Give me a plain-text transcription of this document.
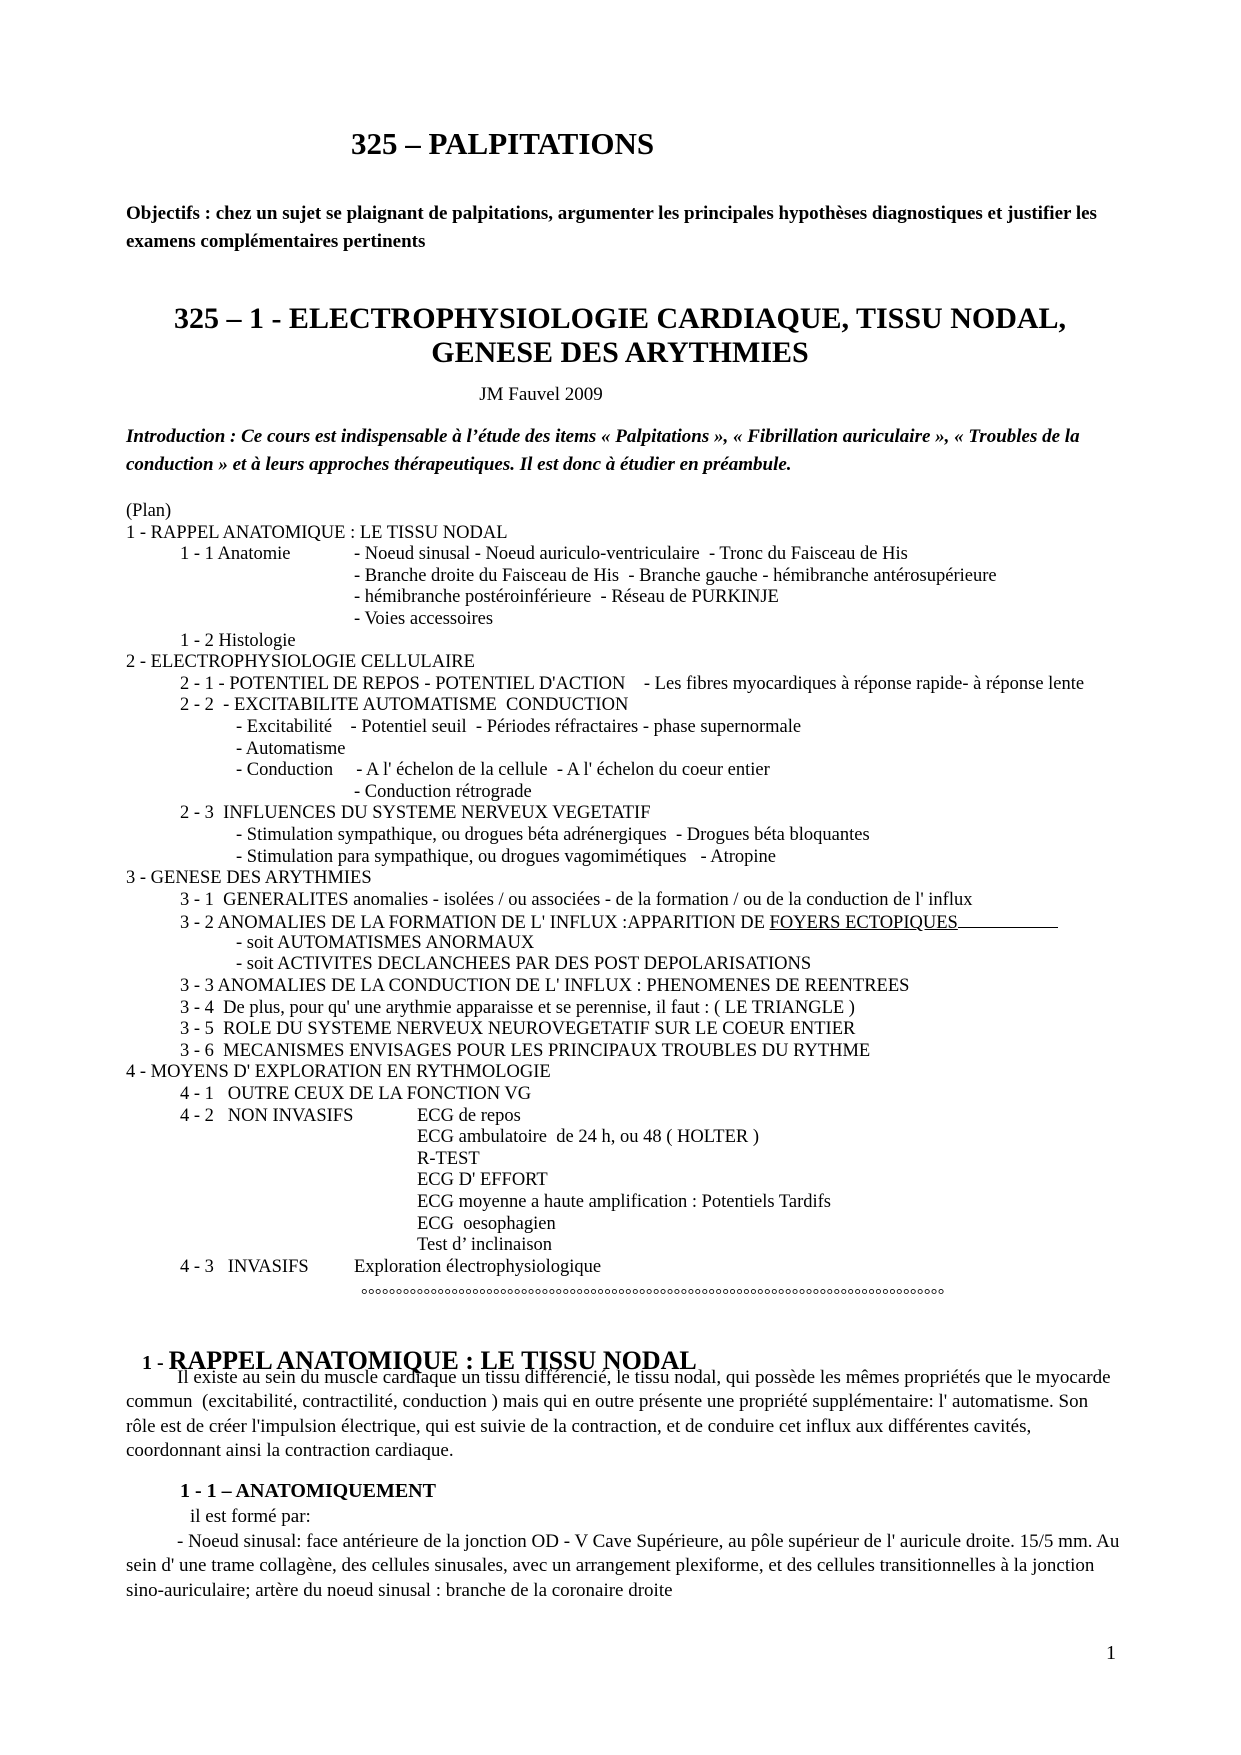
325 – PALPITATIONS
Objectifs : chez un sujet se plaignant de palpitations, argumenter les principales hypothèses diagnostiques et justifier les examens complémentaires pertinents
325 – 1 - ELECTROPHYSIOLOGIE CARDIAQUE, TISSU NODAL,
GENESE DES ARYTHMIES
JM Fauvel 2009
Introduction : Ce cours est indispensable à l’étude des items « Palpitations », « Fibrillation auriculaire », « Troubles de la conduction » et à leurs approches thérapeutiques. Il est donc à étudier en préambule.
(Plan)
1 - RAPPEL ANATOMIQUE : LE TISSU NODAL
1 - 1 Anatomie	- Noeud sinusal - Noeud auriculo-ventriculaire  - Tronc du Faisceau de His
- Branche droite du Faisceau de His  - Branche gauche - hémibranche antérosupérieure
- hémibranche postéroinférieure  - Réseau de PURKINJE
- Voies accessoires
1 - 2 Histologie
2 - ELECTROPHYSIOLOGIE CELLULAIRE
2 - 1 - POTENTIEL DE REPOS - POTENTIEL D'ACTION    - Les fibres myocardiques à réponse rapide- à réponse lente
2 - 2  - EXCITABILITE AUTOMATISME  CONDUCTION
- Excitabilité    - Potentiel seuil  - Périodes réfractaires - phase supernormale
- Automatisme
- Conduction     - A l' échelon de la cellule  - A l' échelon du coeur entier
- Conduction rétrograde
2 - 3  INFLUENCES DU SYSTEME NERVEUX VEGETATIF
- Stimulation sympathique, ou drogues béta adrénergiques  - Drogues béta bloquantes
- Stimulation para sympathique, ou drogues vagomimétiques   - Atropine
3 - GENESE DES ARYTHMIES
3 - 1  GENERALITES anomalies - isolées / ou associées - de la formation / ou de la conduction de l' influx
3 - 2 ANOMALIES DE LA FORMATION DE L' INFLUX :APPARITION DE FOYERS ECTOPIQUES
- soit AUTOMATISMES ANORMAUX
- soit ACTIVITES DECLANCHEES PAR DES POST DEPOLARISATIONS
3 - 3 ANOMALIES DE LA CONDUCTION DE L' INFLUX : PHENOMENES DE REENTREES
3 - 4  De plus, pour qu' une arythmie apparaisse et se perennise, il faut : ( LE TRIANGLE )
3 - 5  ROLE DU SYSTEME NERVEUX NEUROVEGETATIF SUR LE COEUR ENTIER
3 - 6  MECANISMES ENVISAGES POUR LES PRINCIPAUX TROUBLES DU RYTHME
4 - MOYENS D' EXPLORATION EN RYTHMOLOGIE
4 - 1   OUTRE CEUX DE LA FONCTION VG
4 - 2   NON INVASIFS	ECG de repos
ECG ambulatoire  de 24 h, ou 48 ( HOLTER )
R-TEST
ECG D' EFFORT
ECG moyenne a haute amplification : Potentiels Tardifs
ECG  oesophagien
Test d’ inclinaison
4 - 3   INVASIFS Exploration électrophysiologique
°°°°°°°°°°°°°°°°°°°°°°°°°°°°°°°°°°°°°°°°°°°°°°°°°°°°°°°°°°°°°°°°°°°°°°°°°°°°°°°°°°°°

1 - RAPPEL ANATOMIQUE : LE TISSU NODAL

Il existe au sein du muscle cardiaque un tissu différencié, le tissu nodal, qui possède les mêmes propriétés que le myocarde commun  (excitabilité, contractilité, conduction ) mais qui en outre présente une propriété supplémentaire: l' automatisme. Son rôle est de créer l'impulsion électrique, qui est suivie de la contraction, et de conduire cet influx aux différentes cavités, coordonnant ainsi la contraction cardiaque.
1 - 1 – ANATOMIQUEMENT
il est formé par:
- Noeud sinusal: face antérieure de la jonction OD - V Cave Supérieure, au pôle supérieur de l' auricule droite. 15/5 mm. Au sein d' une trame collagène, des cellules sinusales, avec un arrangement plexiforme, et des cellules transitionnelles à la jonction sino-auriculaire; artère du noeud sinusal : branche de la coronaire droite
1
